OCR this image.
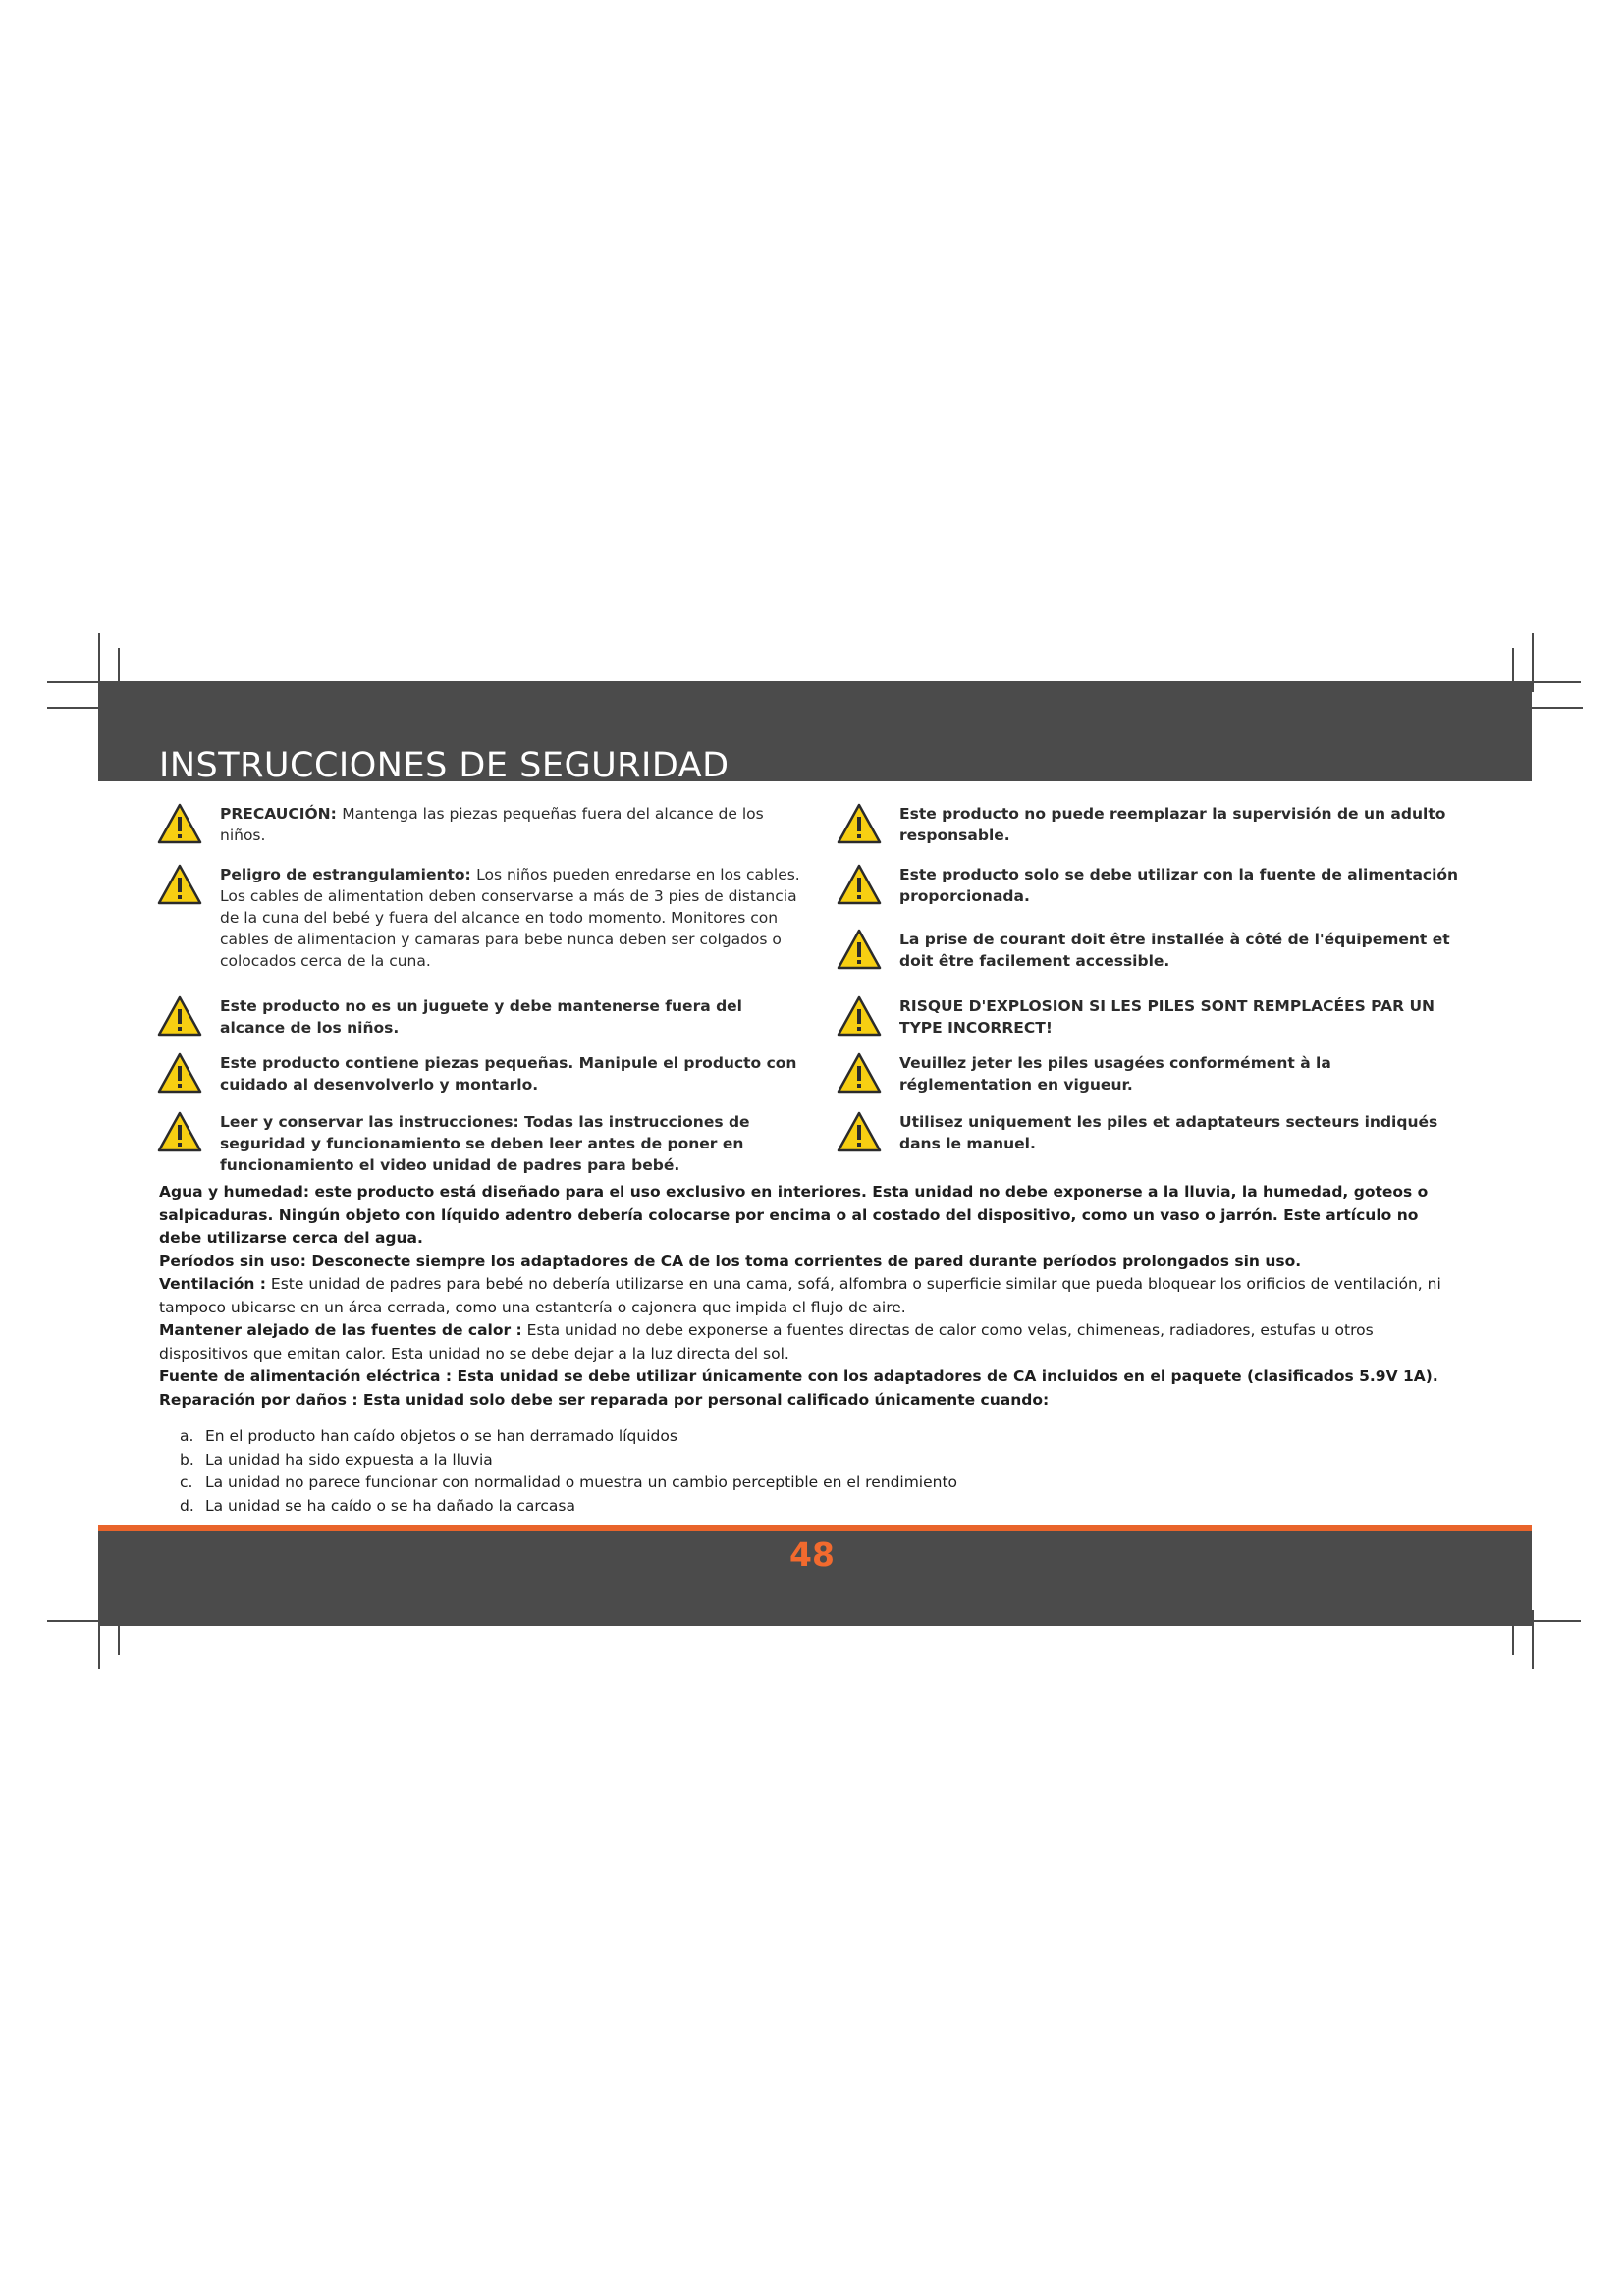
INSTRUCCIONES DE SEGURIDAD
PRECAUCIÓN: Mantenga las piezas pequeñas fuera del alcance de los niños.
Peligro de estrangulamiento: Los niños pueden enredarse en los cables. Los cables de alimentation deben conservarse a más de 3 pies de distancia de la cuna del bebé y fuera del alcance en todo momento. Monitores con cables de alimentacion y camaras para bebe nunca deben ser colgados o colocados cerca de la cuna.
Este producto no es un juguete y debe mantenerse fuera del alcance de los niños.
Este producto contiene piezas pequeñas. Manipule el producto con cuidado al desenvolverlo y montarlo.
Leer y conservar las instrucciones: Todas las instrucciones de seguridad y funcionamiento se deben leer antes de poner en funcionamiento el video unidad de padres para bebé.
Este producto no puede reemplazar la supervisión de un adulto responsable.
Este producto solo se debe utilizar con la fuente de alimentación proporcionada.
La prise de courant doit être installée à côté de l'équipement et doit être facilement accessible.
RISQUE D'EXPLOSION SI LES PILES SONT REMPLACÉES PAR UN TYPE INCORRECT!
Veuillez jeter les piles usagées conformément à la réglementation en vigueur.
Utilisez uniquement les piles et adaptateurs secteurs indiqués dans le manuel.

Agua y humedad: este producto está diseñado para el uso exclusivo en interiores. Esta unidad no debe exponerse a la lluvia, la humedad, goteos o salpicaduras. Ningún objeto con líquido adentro debería colocarse por encima o al costado del dispositivo, como un vaso o jarrón. Este artículo no debe utilizarse cerca del agua.

Períodos sin uso: Desconecte siempre los adaptadores de CA de los toma corrientes de pared durante períodos prolongados sin uso.

Ventilación : Este unidad de padres para bebé no debería utilizarse en una cama, sofá, alfombra o superficie similar que pueda bloquear los orificios de ventilación, ni tampoco ubicarse en un área cerrada, como una estantería o cajonera que impida el flujo de aire.

Mantener alejado de las fuentes de calor : Esta unidad no debe exponerse a fuentes directas de calor como velas, chimeneas, radiadores, estufas u otros dispositivos que emitan calor. Esta unidad no se debe dejar a la luz directa del sol.

Fuente de alimentación eléctrica : Esta unidad se debe utilizar únicamente con los adaptadores de CA incluidos en el paquete (clasificados 5.9V 1A).

Reparación por daños : Esta unidad solo debe ser reparada por personal calificado únicamente cuando:

a. En el producto han caído objetos o se han derramado líquidos
b. La unidad ha sido expuesta a la lluvia
c. La unidad no parece funcionar con normalidad o muestra un cambio perceptible en el rendimiento
d. La unidad se ha caído o se ha dañado la carcasa
48
